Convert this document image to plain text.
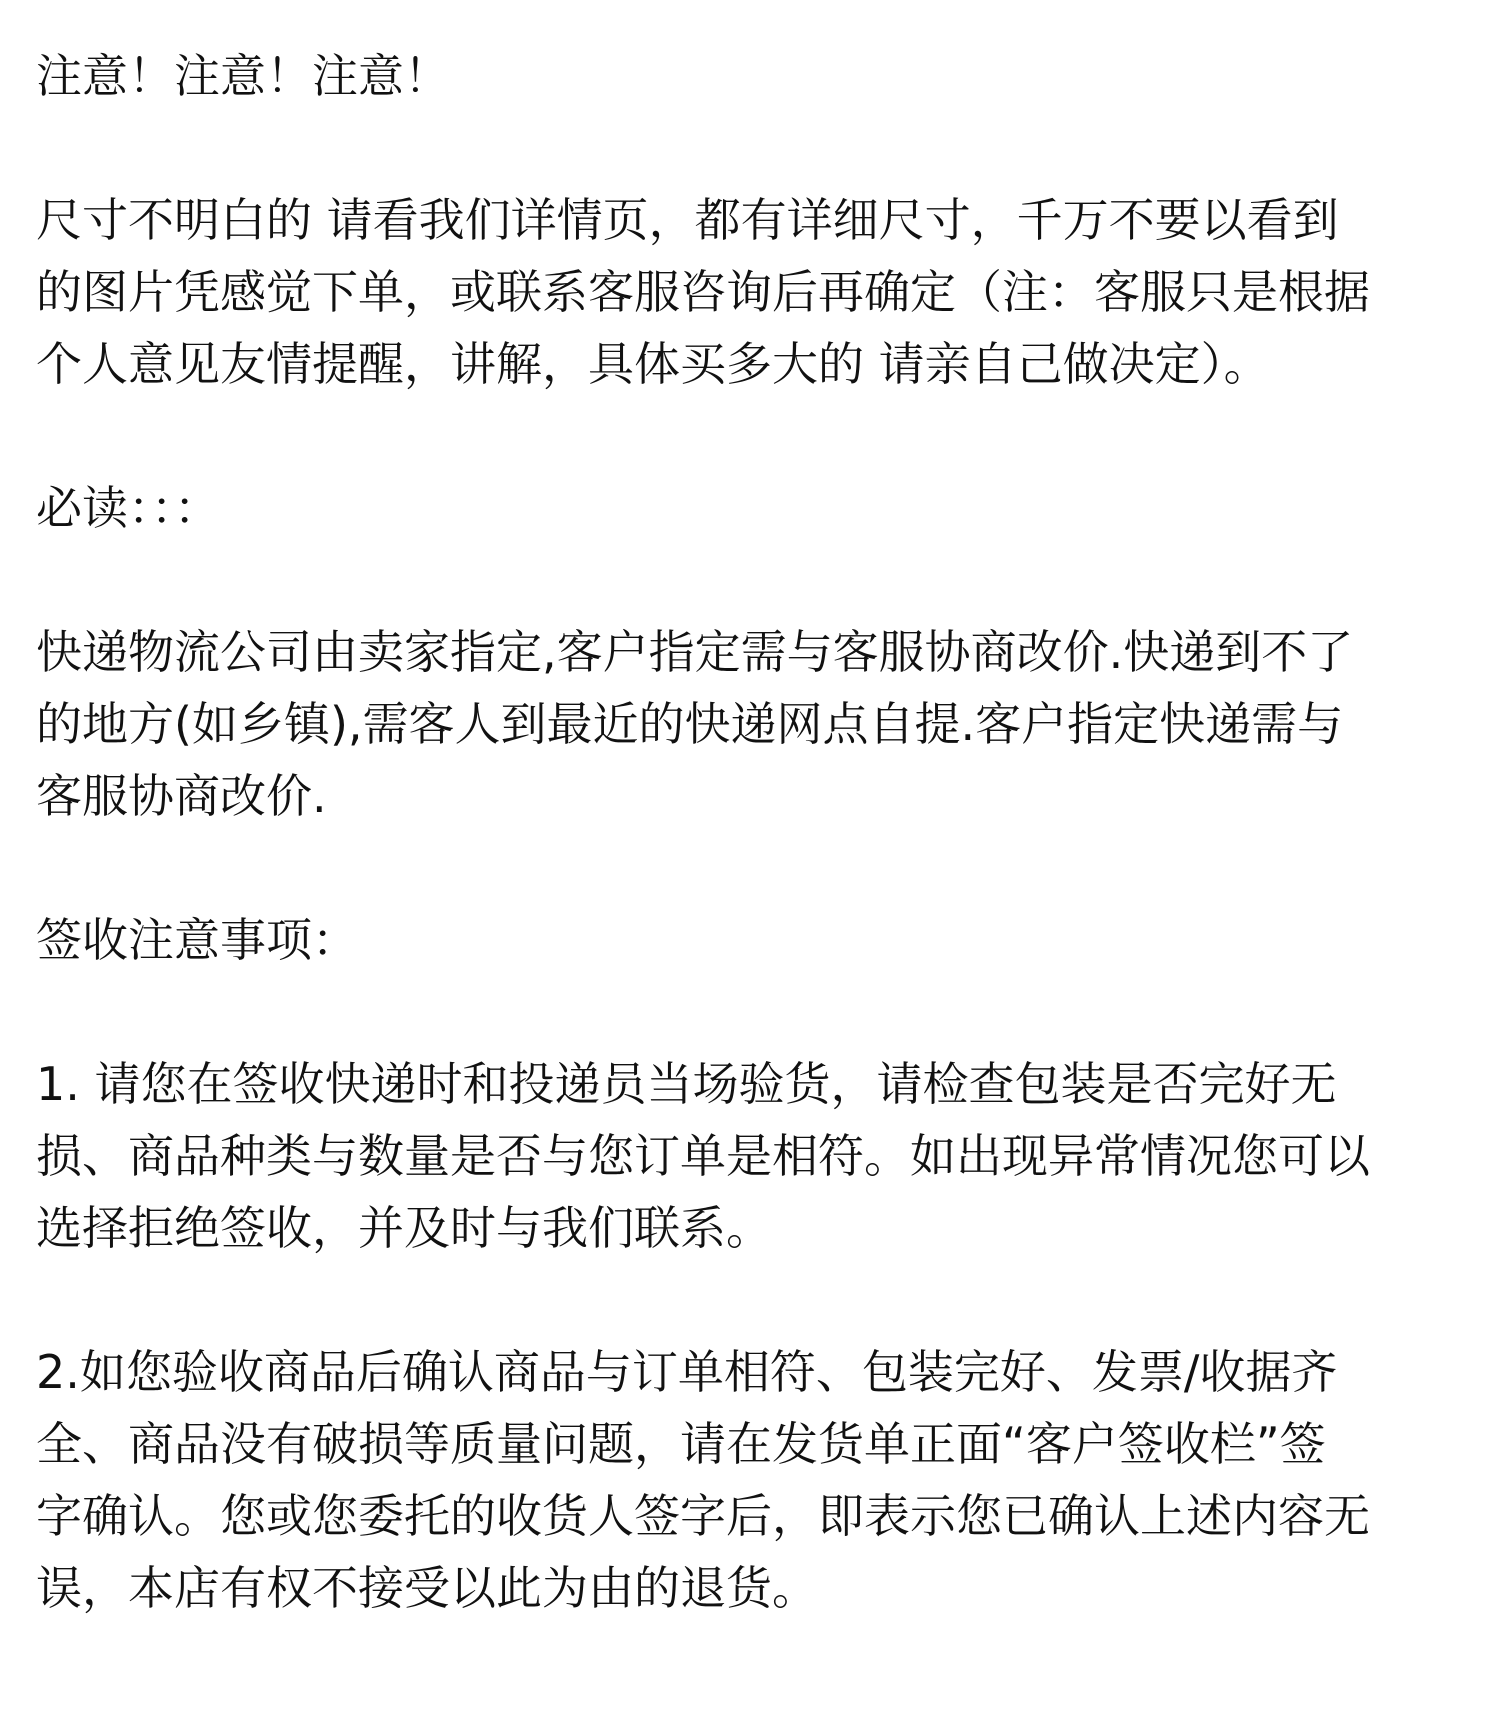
注意！注意！注意！

尺寸不明白的 请看我们详情页，都有详细尺寸，千万不要以看到

的图片凭感觉下单，或联系客服咨询后再确定（注：客服只是根据

个人意见友情提醒，讲解，具体买多大的 请亲自己做决定）。

必读：：：

快递物流公司由卖家指定,客户指定需与客服协商改价.快递到不了

的地方(如乡镇),需客人到最近的快递网点自提.客户指定快递需与

客服协商改价.

签收注意事项：

1. 请您在签收快递时和投递员当场验货，请检查包装是否完好无

损、商品种类与数量是否与您订单是相符。如出现异常情况您可以

选择拒绝签收，并及时与我们联系。

2.如您验收商品后确认商品与订单相符、包装完好、发票/收据齐

全、商品没有破损等质量问题，请在发货单正面“客户签收栏”签

字确认。您或您委托的收货人签字后，即表示您已确认上述内容无

误，本店有权不接受以此为由的退货。
